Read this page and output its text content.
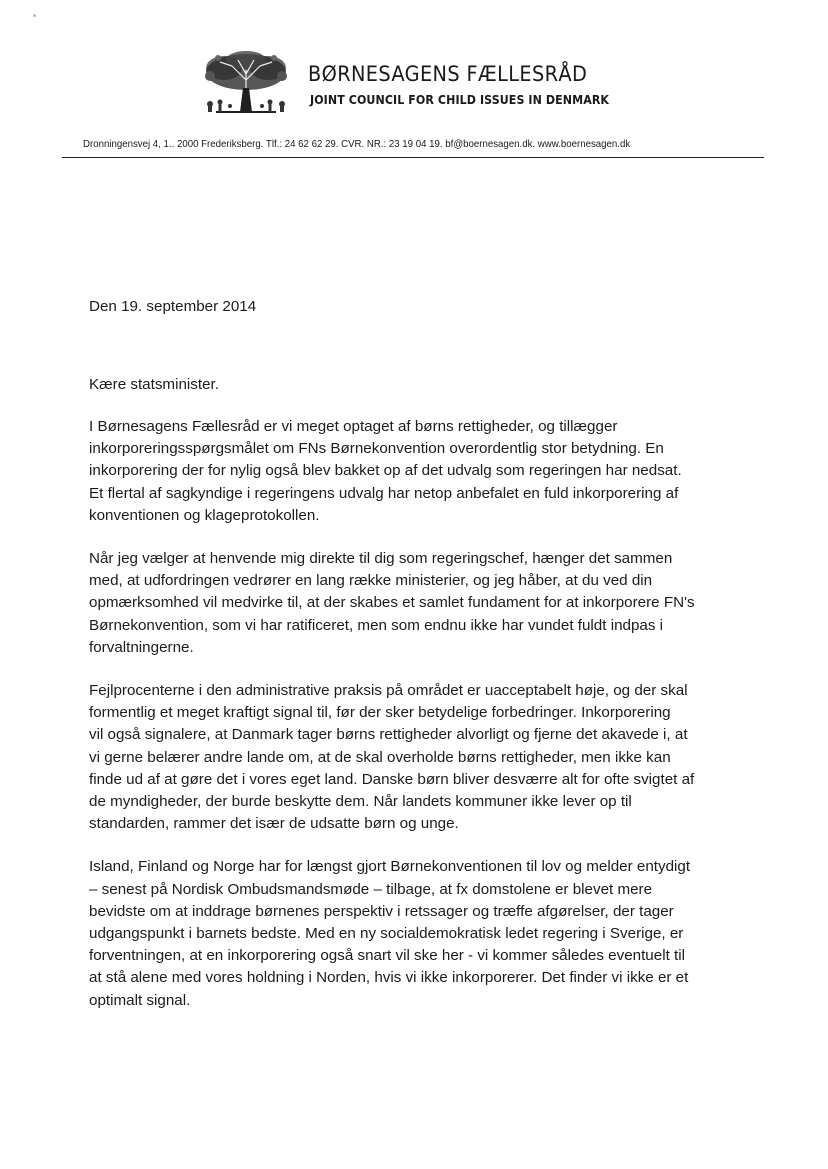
BØRNESAGENS FÆLLESRÅD
JOINT COUNCIL FOR CHILD ISSUES IN DENMARK
Dronningensvej 4, 1.. 2000 Frederiksberg. Tlf.: 24 62 62 29. CVR. NR.: 23 19 04 19. bf@boernesagen.dk. www.boernesagen.dk

Den 19. september 2014

Kære statsminister.

I Børnesagens Fællesråd er vi meget optaget af børns rettigheder, og tillægger
inkorporeringsspørgsmålet om FNs Børnekonvention overordentlig stor betydning. En
inkorporering der for nylig også blev bakket op af det udvalg som regeringen har nedsat.
Et flertal af sagkyndige i regeringens udvalg har netop anbefalet en fuld inkorporering af
konventionen og klageprotokollen.

Når jeg vælger at henvende mig direkte til dig som regeringschef, hænger det sammen
med, at udfordringen vedrører en lang række ministerier, og jeg håber, at du ved din
opmærksomhed vil medvirke til, at der skabes et samlet fundament for at inkorporere FN's
Børnekonvention, som vi har ratificeret, men som endnu ikke har vundet fuldt indpas i
forvaltningerne.

Fejlprocenterne i den administrative praksis på området er uacceptabelt høje, og der skal
formentlig et meget kraftigt signal til, før der sker betydelige forbedringer. Inkorporering
vil også signalere, at Danmark tager børns rettigheder alvorligt og fjerne det akavede i, at
vi gerne belærer andre lande om, at de skal overholde børns rettigheder, men ikke kan
finde ud af at gøre det i vores eget land. Danske børn bliver desværre alt for ofte svigtet af
de myndigheder, der burde beskytte dem. Når landets kommuner ikke lever op til
standarden, rammer det især de udsatte børn og unge.

Island, Finland og Norge har for længst gjort Børnekonventionen til lov og melder entydigt
– senest på Nordisk Ombudsmandsmøde – tilbage, at fx domstolene er blevet mere
bevidste om at inddrage børnenes perspektiv i retssager og træffe afgørelser, der tager
udgangspunkt i barnets bedste. Med en ny socialdemokratisk ledet regering i Sverige, er
forventningen, at en inkorporering også snart vil ske her - vi kommer således eventuelt til
at stå alene med vores holdning i Norden, hvis vi ikke inkorporerer. Det finder vi ikke er et
optimalt signal.
